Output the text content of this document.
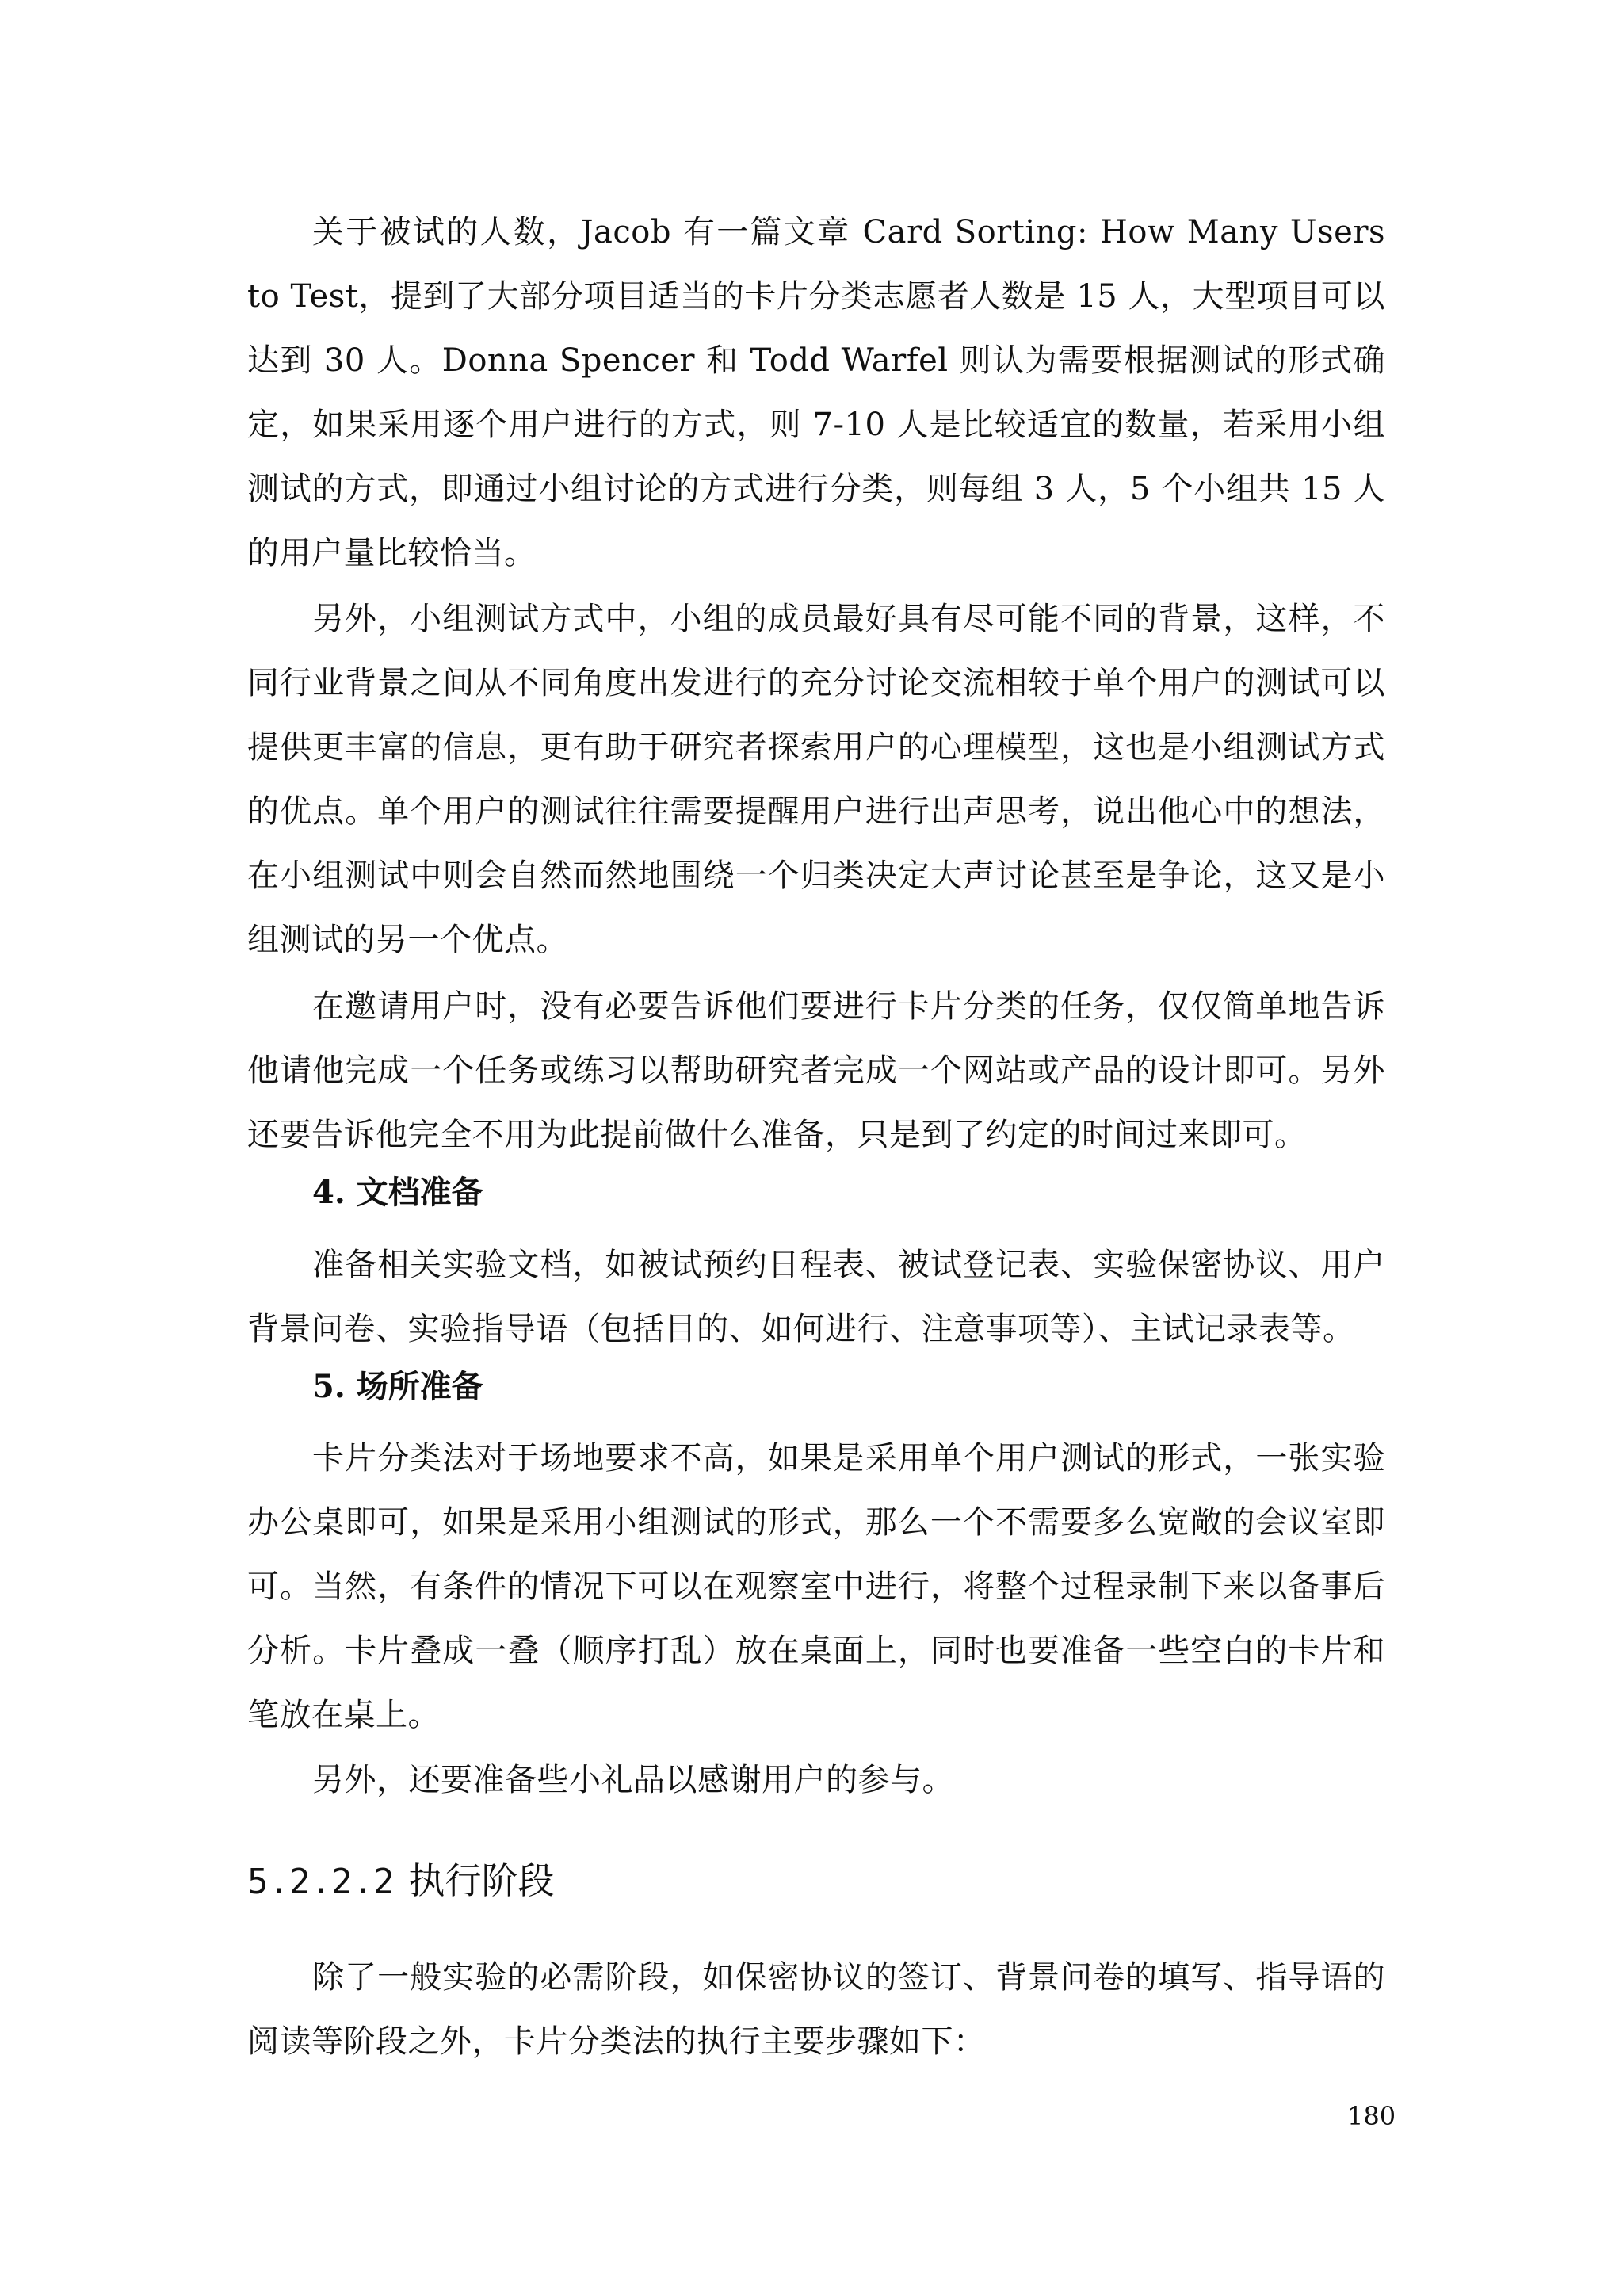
关于被试的人数，Jacob 有一篇文章 Card Sorting: How Many Users to Test，提到了大部分项目适当的卡片分类志愿者人数是 15 人，大型项目可以达到 30 人。Donna Spencer 和 Todd Warfel 则认为需要根据测试的形式确定，如果采用逐个用户进行的方式，则 7-10 人是比较适宜的数量，若采用小组测试的方式，即通过小组讨论的方式进行分类，则每组 3 人，5 个小组共 15 人的用户量比较恰当。

另外，小组测试方式中，小组的成员最好具有尽可能不同的背景，这样，不同行业背景之间从不同角度出发进行的充分讨论交流相较于单个用户的测试可以提供更丰富的信息，更有助于研究者探索用户的心理模型，这也是小组测试方式的优点。单个用户的测试往往需要提醒用户进行出声思考，说出他心中的想法，在小组测试中则会自然而然地围绕一个归类决定大声讨论甚至是争论，这又是小组测试的另一个优点。

在邀请用户时，没有必要告诉他们要进行卡片分类的任务，仅仅简单地告诉他请他完成一个任务或练习以帮助研究者完成一个网站或产品的设计即可。另外还要告诉他完全不用为此提前做什么准备，只是到了约定的时间过来即可。

4. 文档准备

准备相关实验文档，如被试预约日程表、被试登记表、实验保密协议、用户背景问卷、实验指导语（包括目的、如何进行、注意事项等）、主试记录表等。

5. 场所准备

卡片分类法对于场地要求不高，如果是采用单个用户测试的形式，一张实验办公桌即可，如果是采用小组测试的形式，那么一个不需要多么宽敞的会议室即可。当然，有条件的情况下可以在观察室中进行，将整个过程录制下来以备事后分析。卡片叠成一叠（顺序打乱）放在桌面上，同时也要准备一些空白的卡片和笔放在桌上。

另外，还要准备些小礼品以感谢用户的参与。

5.2.2.2 执行阶段

除了一般实验的必需阶段，如保密协议的签订、背景问卷的填写、指导语的阅读等阶段之外，卡片分类法的执行主要步骤如下：

180
